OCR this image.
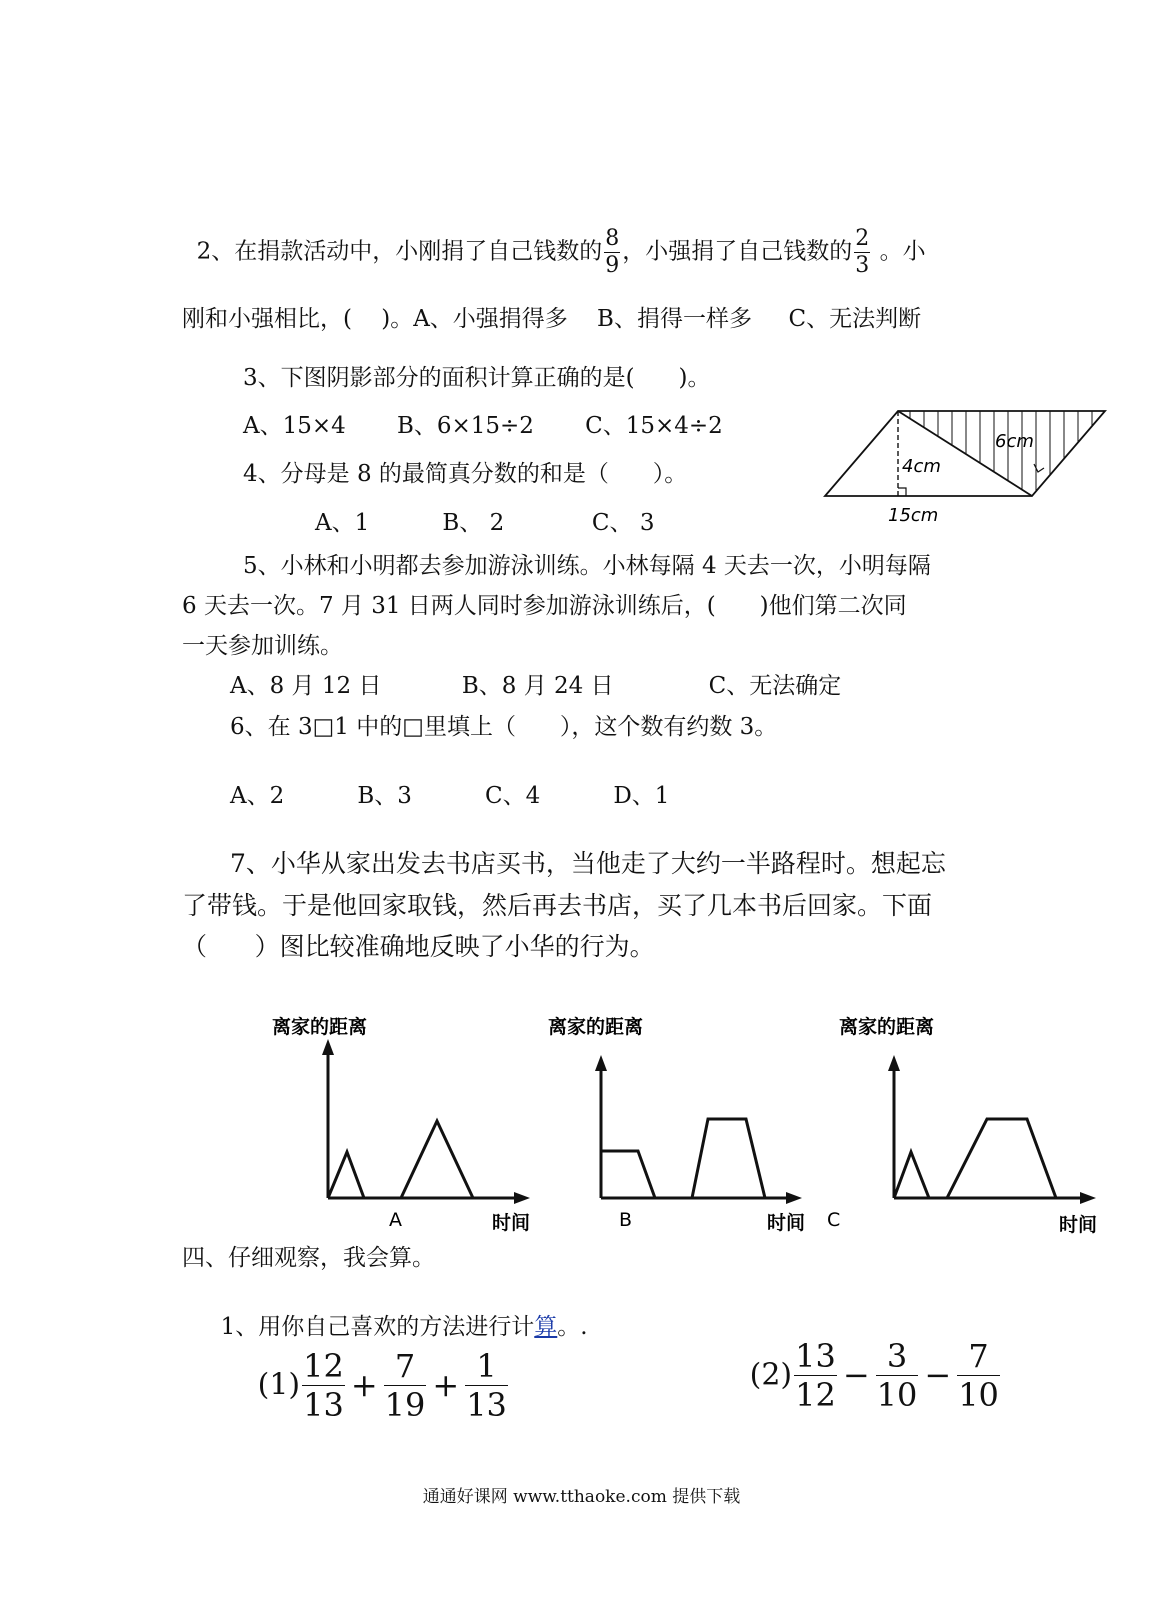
2、在捐款活动中，小刚捐了自己钱数的 $\frac{8}{9}$ ，小强捐了自己钱数的 $\frac{2}{3}$ 。小

刚和小强相比，(    )。A、小强捐得多    B、捐得一样多     C、无法判断
3、下图阴影部分的面积计算正确的是(      )。
A、15×4       B、6×15÷2       C、15×4÷2
4cm
6cm
15cm
4、分母是 8 的最简真分数的和是（      ）。
A、1          B、 2            C、 3
5、小林和小明都去参加游泳训练。小林每隔 4 天去一次，小明每隔
6 天去一次。7 月 31 日两人同时参加游泳训练后，(      )他们第二次同
一天参加训练。
A、8 月 12 日           B、8 月 24 日             C、无法确定
6、在 3□1 中的□里填上（      ），这个数有约数 3。
A、2          B、3          C、4          D、1
7、小华从家出发去书店买书，当他走了大约一半路程时。想起忘
了带钱。于是他回家取钱，然后再去书店，买了几本书后回家。下面
（      ）图比较准确地反映了小华的行为。
离家的距离
A	时间
离家的距离
B	时间
离家的距离
C	时间
四、仔细观察，我会算。

1、用你自己喜欢的方法进行计算。.

$(1) \frac{12}{13} + \frac{7}{19} + \frac{1}{13}$	$(2) \frac{13}{12} - \frac{3}{10} - \frac{7}{10}$

通通好课网 www.tthaoke.com 提供下载
